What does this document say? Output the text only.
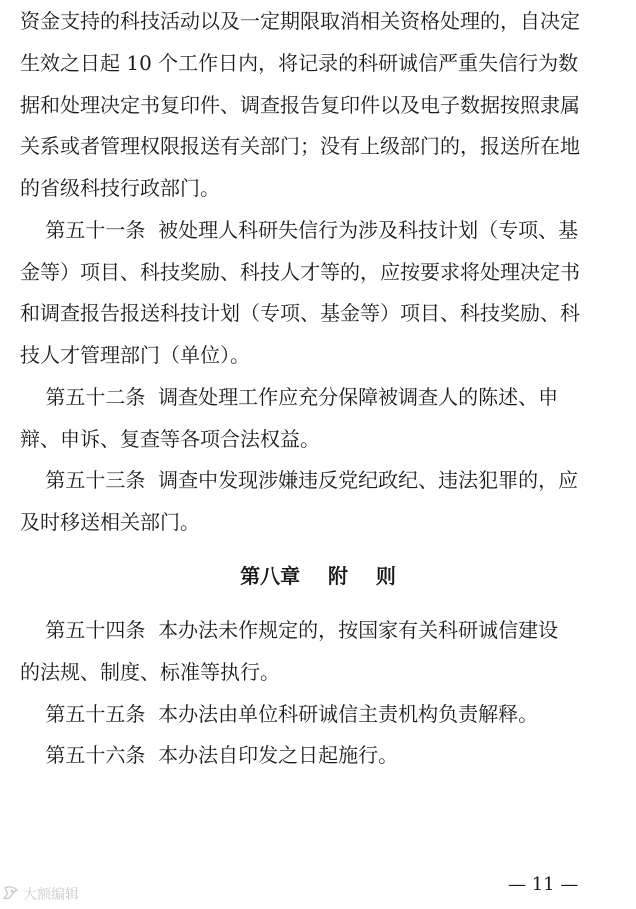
资金支持的科技活动以及一定期限取消相关资格处理的，自决定
生效之日起 10 个工作日内，将记录的科研诚信严重失信行为数
据和处理决定书复印件、调查报告复印件以及电子数据按照隶属
关系或者管理权限报送有关部门；没有上级部门的，报送所在地
的省级科技行政部门。
第五十一条  被处理人科研失信行为涉及科技计划（专项、基
金等）项目、科技奖励、科技人才等的，应按要求将处理决定书
和调查报告报送科技计划（专项、基金等）项目、科技奖励、科
技人才管理部门（单位）。
第五十二条  调查处理工作应充分保障被调查人的陈述、申
辩、申诉、复查等各项合法权益。
第五十三条  调查中发现涉嫌违反党纪政纪、违法犯罪的，应
及时移送相关部门。
第八章    附    则
第五十四条  本办法未作规定的，按国家有关科研诚信建设
的法规、制度、标准等执行。
第五十五条  本办法由单位科研诚信主责机构负责解释。
第五十六条  本办法自印发之日起施行。
— 11 —
大额编辑
